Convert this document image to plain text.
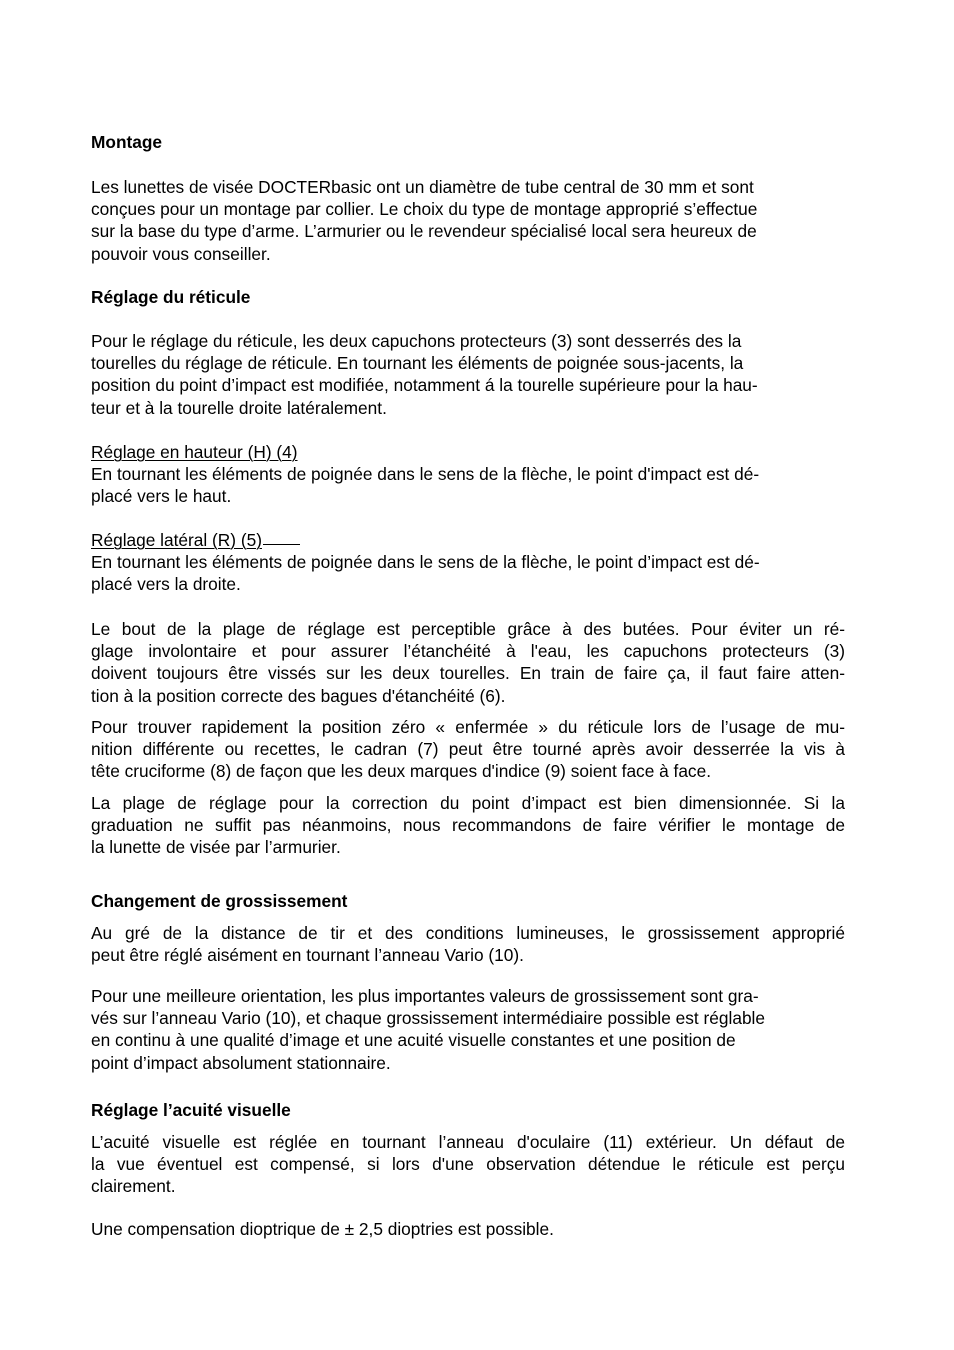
Montage
Les lunettes de visée DOCTERbasic ont un diamètre de tube central de 30 mm et sont
conçues pour un montage par collier. Le choix du type de montage approprié s’effectue
sur la base du type d’arme. L’armurier ou le revendeur spécialisé local sera heureux de
pouvoir vous conseiller.
Réglage du réticule
Pour le réglage du réticule, les deux capuchons protecteurs (3) sont desserrés des la
tourelles du réglage de réticule. En tournant les éléments de poignée sous-jacents, la
position du point d’impact est modifiée, notamment á la tourelle supérieure pour la hau-
teur et à la tourelle droite latéralement.
Réglage en hauteur (H) (4)
En tournant les éléments de poignée dans le sens de la flèche, le point d'impact est dé-
placé vers le haut.
Réglage latéral (R) (5)
En tournant les éléments de poignée dans le sens de la flèche, le point d’impact est dé-
placé vers la droite.
Le bout de la plage de réglage est perceptible grâce à des butées. Pour éviter un ré-
glage involontaire et pour assurer l’étanchéité à l'eau, les capuchons protecteurs (3)
doivent toujours être vissés sur les deux tourelles. En train de faire ça, il faut faire atten-
tion à la position correcte des bagues d'étanchéité (6).
Pour trouver rapidement la position zéro « enfermée » du réticule lors de l’usage de mu-
nition différente ou recettes, le cadran (7) peut être tourné après avoir desserrée la vis à
tête cruciforme (8) de façon que les deux marques d'indice (9) soient face à face.
La plage de réglage pour la correction du point d’impact est bien dimensionnée. Si la
graduation ne suffit pas néanmoins, nous recommandons de faire vérifier le montage de
la lunette de visée par l’armurier.
Changement de grossissement
Au gré de la distance de tir et des conditions lumineuses, le grossissement approprié
peut être réglé aisément en tournant l’anneau Vario (10).
Pour une meilleure orientation, les plus importantes valeurs de grossissement sont gra-
vés sur l’anneau Vario (10), et chaque grossissement intermédiaire possible est réglable
en continu à une qualité d’image et une acuité visuelle constantes et une position de
point d’impact absolument stationnaire.
Réglage l’acuité visuelle
L’acuité visuelle est réglée en tournant l’anneau d'oculaire (11) extérieur. Un défaut de
la vue éventuel est compensé, si lors d'une observation détendue le réticule est perçu
clairement.
Une compensation dioptrique de ± 2,5 dioptries est possible.
